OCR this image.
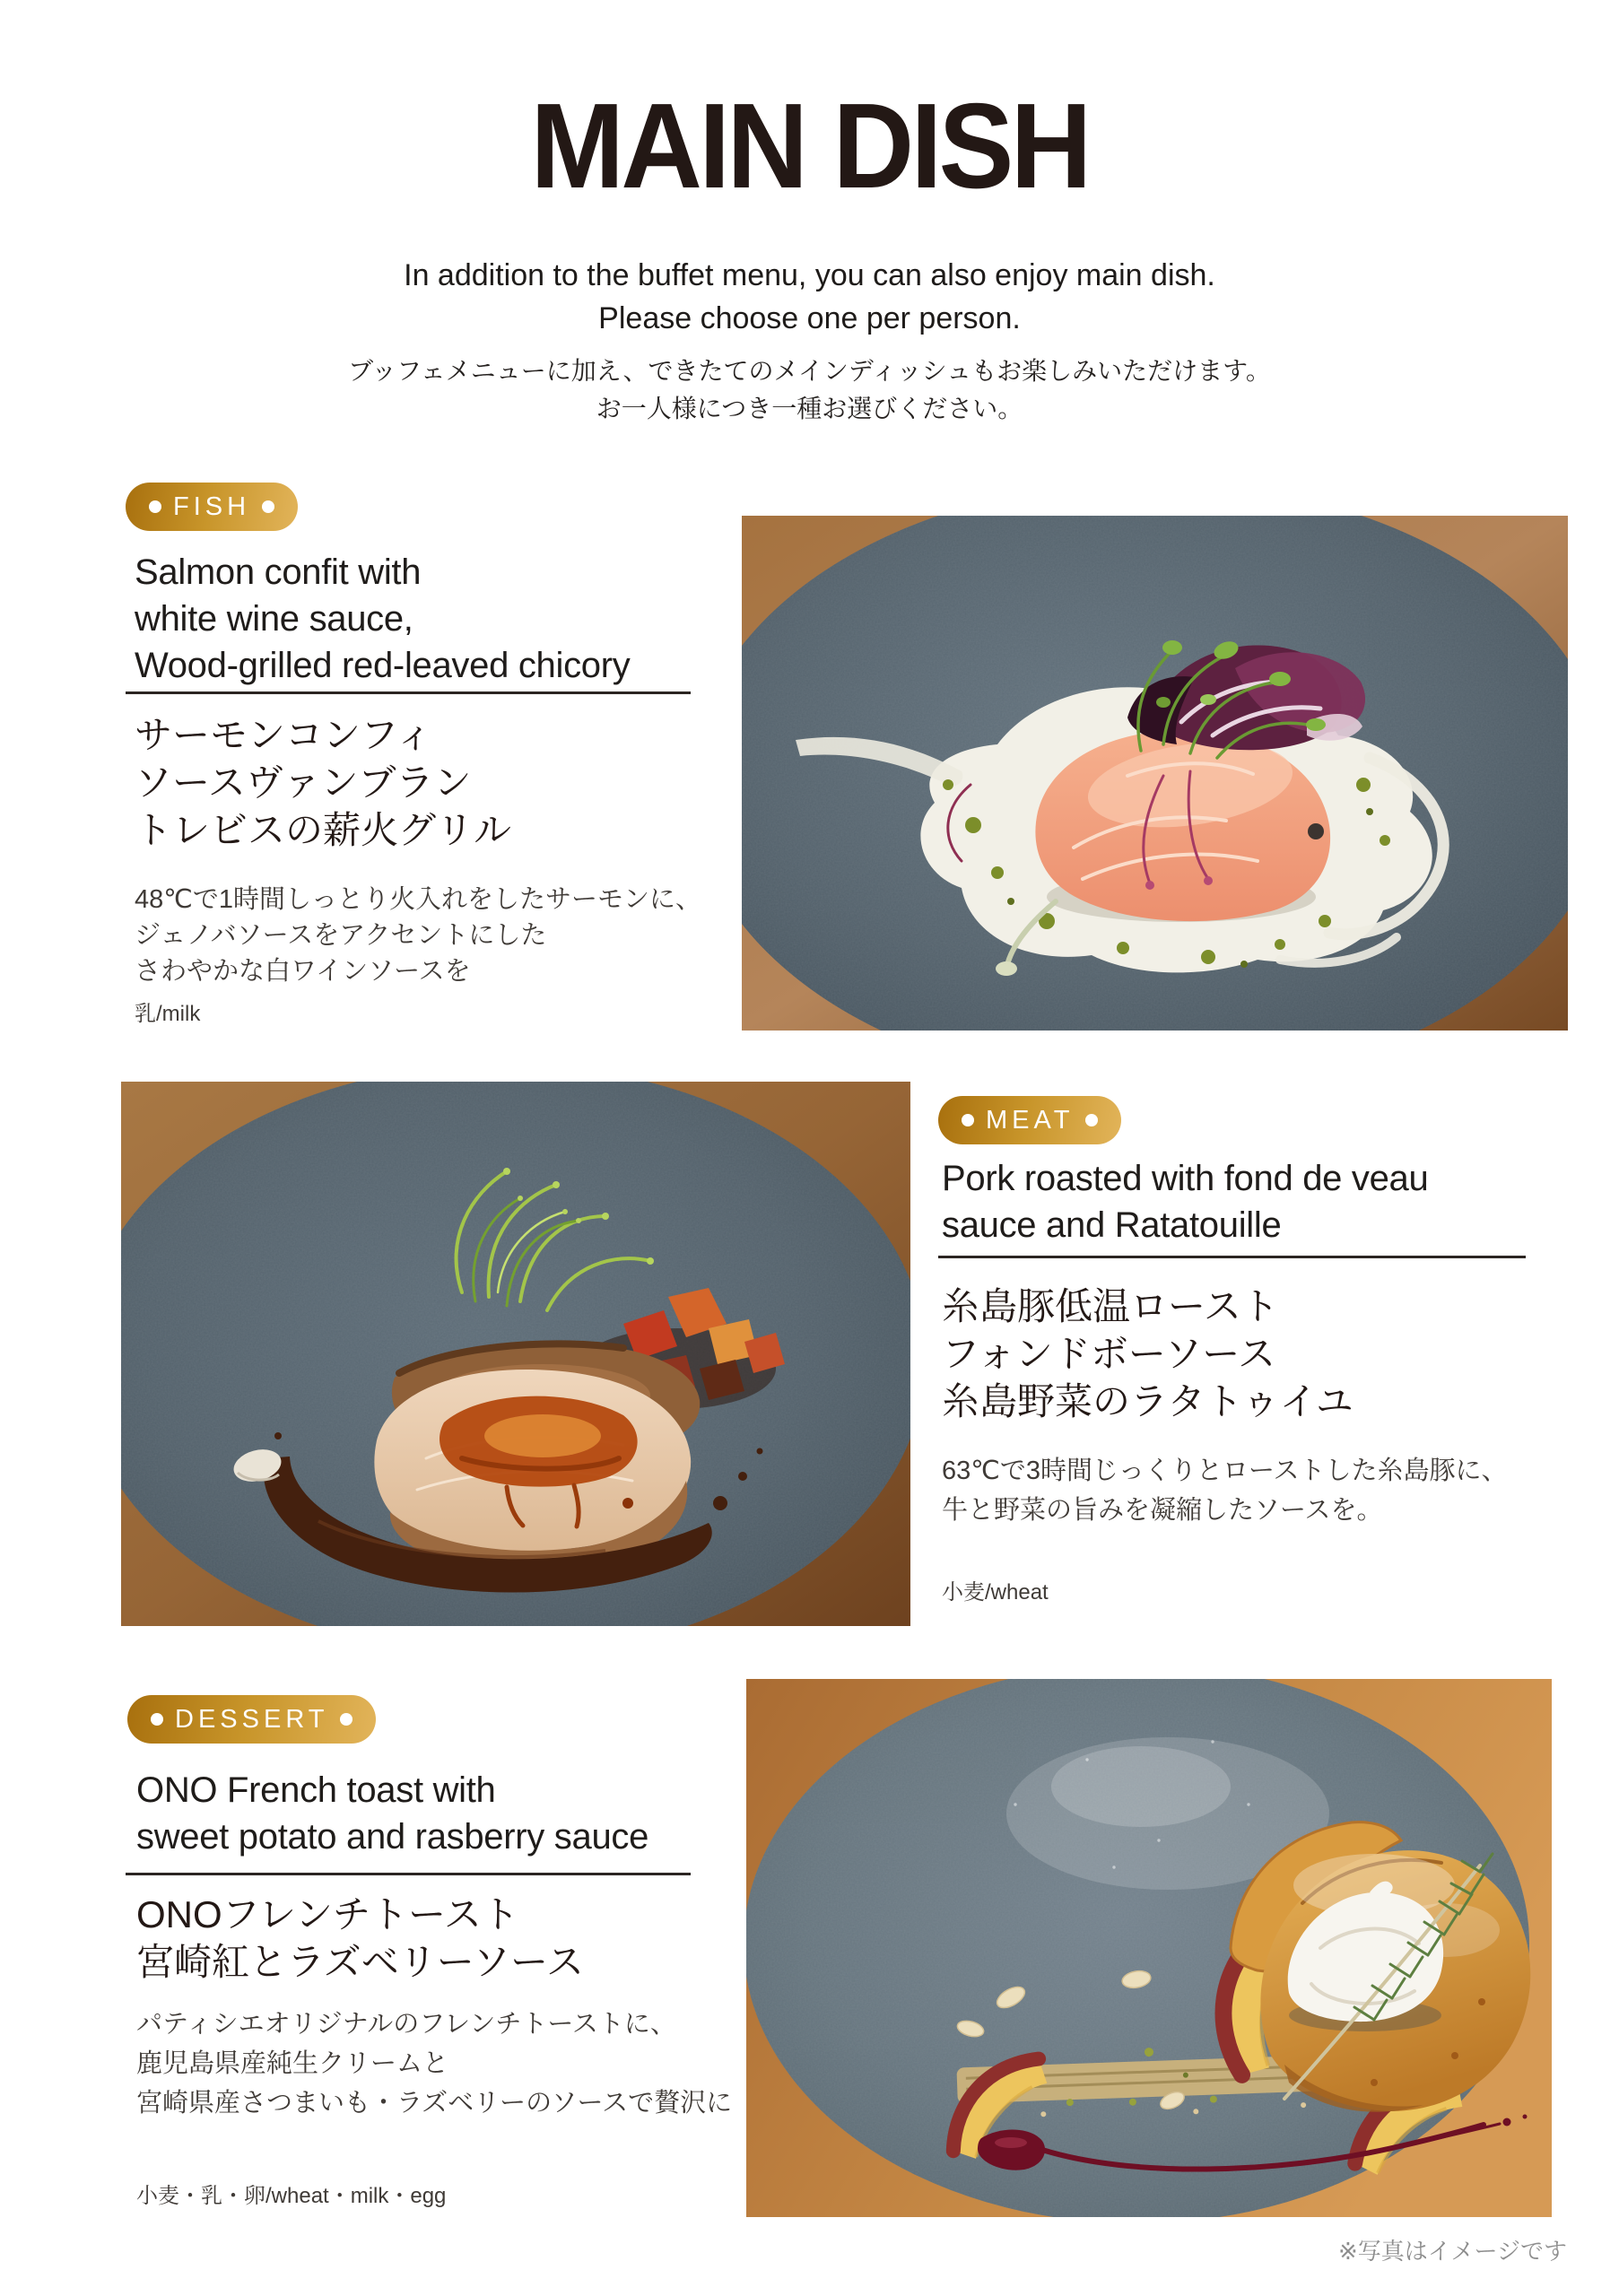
MAIN DISH
In addition to the buffet menu, you can also enjoy main dish.
Please choose one per person.
ブッフェメニューに加え、できたてのメインディッシュもお楽しみいただけます。
お一人様につき一種お選びください。
FISH
Salmon confit with
white wine sauce,
Wood-grilled red-leaved chicory
サーモンコンフィ
ソースヴァンブラン
トレビスの薪火グリル
48℃で1時間しっとり火入れをしたサーモンに、
ジェノバソースをアクセントにした
さわやかな白ワインソースを
乳/milk
MEAT
Pork roasted with fond de veau
sauce and Ratatouille
糸島豚低温ロースト
フォンドボーソース
糸島野菜のラタトゥイユ
63℃で3時間じっくりとローストした糸島豚に、
牛と野菜の旨みを凝縮したソースを。
小麦/wheat
DESSERT
ONO French toast with
sweet potato and rasberry sauce
ONOフレンチトースト
宮崎紅とラズベリーソース
パティシエオリジナルのフレンチトーストに、
鹿児島県産純生クリームと
宮崎県産さつまいも・ラズベリーのソースで贅沢に
小麦・乳・卵/wheat・milk・egg
※写真はイメージです
